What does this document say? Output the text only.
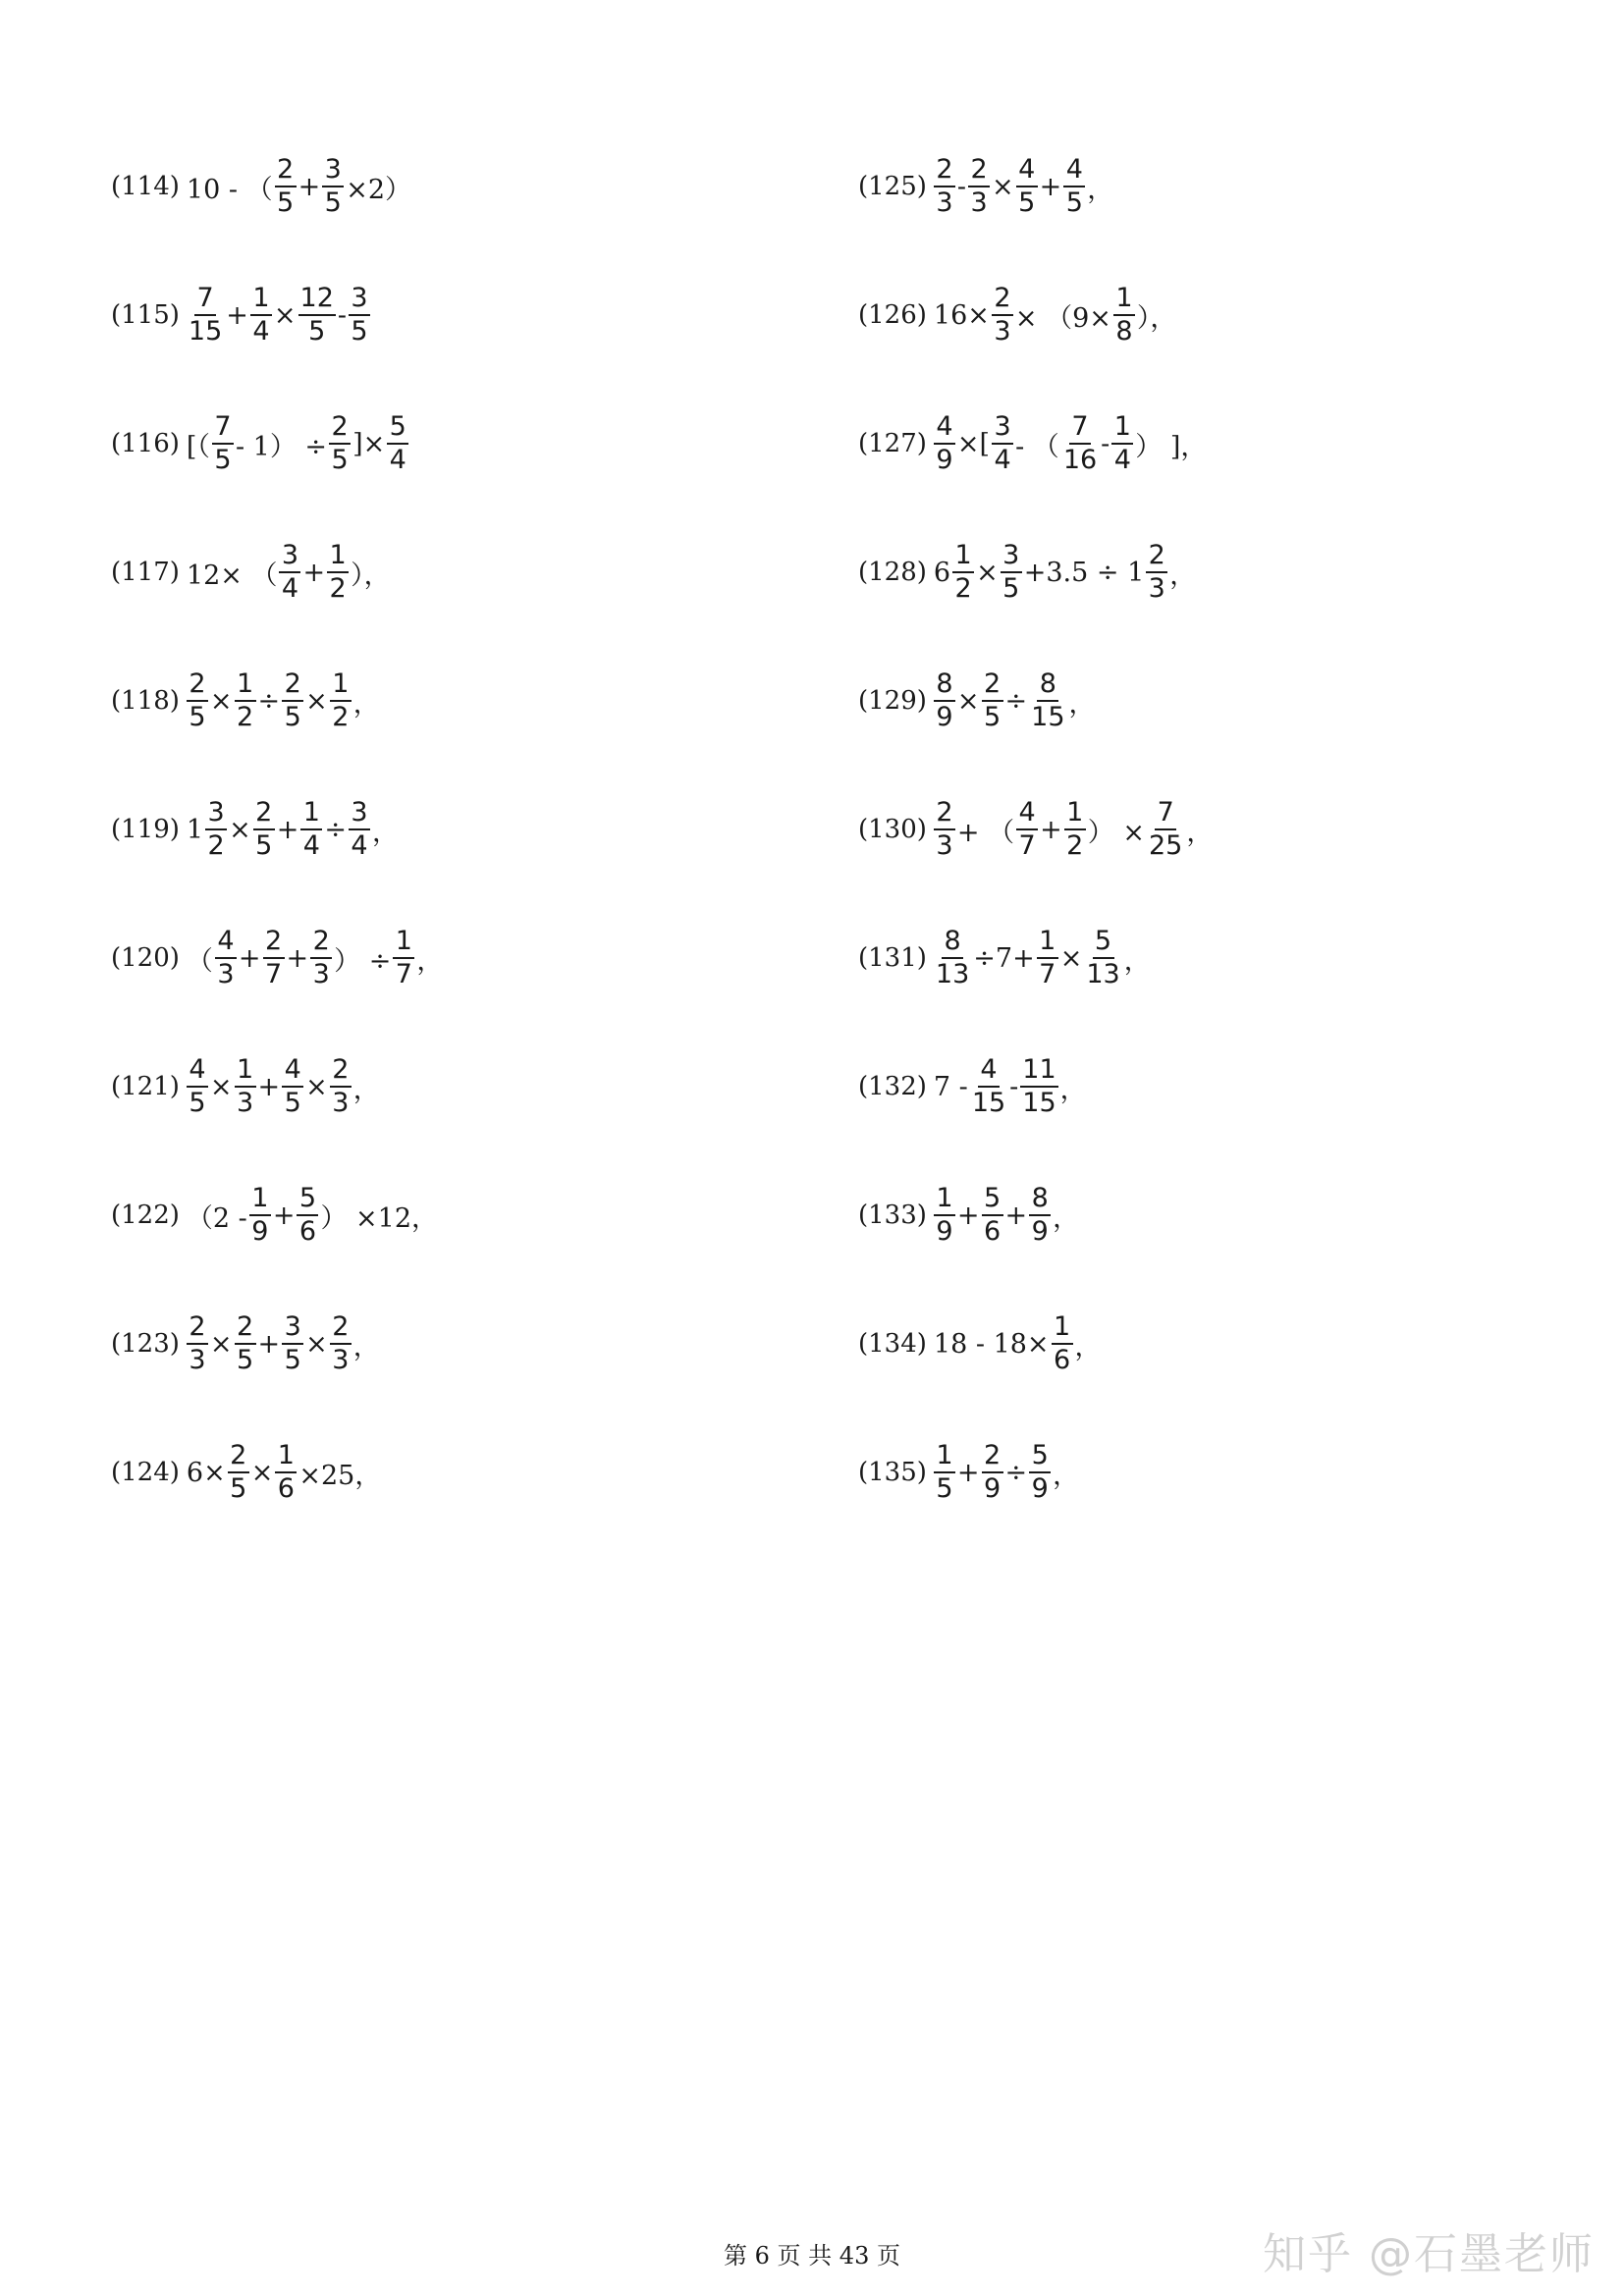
(114) 10 - （ $\frac{2}{5} + \frac{3}{5} \times 2$）
$(115) \frac{7}{15} + \frac{1}{4} \times \frac{12}{5} - \frac{3}{5}$
(116) [（ $\frac{7}{5} - 1) \div \frac{2}{5}$ ]× $\frac{5}{4}$
(117) 12× （ $\frac{3}{4} + \frac{1}{2}$ ），
$(118) \frac{2}{5} \times \frac{1}{2} \div \frac{2}{5} \times \frac{1}{2}$ ，
(119) $1 \frac{3}{2} \times \frac{2}{5} + \frac{1}{4} \div \frac{3}{4}$ ，
(120) （ $\frac{4}{3} + \frac{2}{7} + \frac{2}{3}$ ） ÷ $\frac{1}{7}$ ，
$(121) \frac{4}{5} \times \frac{1}{3} + \frac{4}{5} \times \frac{2}{3}$ ，
(122) （$2 - \frac{1}{9} + \frac{5}{6}$ ） ×12，
$(123) \frac{2}{3} \times \frac{2}{5} + \frac{3}{5} \times \frac{2}{3}$ ，
(124) $6\times \frac{2}{5} \times \frac{1}{6} \times 25$，
$(125) \frac{2}{3} - \frac{2}{3} \times \frac{4}{5} + \frac{4}{5}$ ，
(126) $16\times \frac{2}{3} \times (9\times \frac{1}{8}$ ），
$(127) \frac{4}{9}$ ×[ $\frac{3}{4}$ - （ $\frac{7}{16} - \frac{1}{4}$ ） ]，
(128) $6 \frac{1}{2} \times \frac{3}{5} +3.5 \div 1 \frac{2}{3}$ ，
$(129) \frac{8}{9} \times \frac{2}{5} \div \frac{8}{15}$ ，
$(130) \frac{2}{3}$ + （ $\frac{4}{7} + \frac{1}{2}$ ） × $\frac{7}{25}$ ，
$(131) \frac{8}{13} \div 7+ \frac{1}{7} \times \frac{5}{13}$ ，
(132) $7 - \frac{4}{15} - \frac{11}{15}$ ，
$(133) \frac{1}{9} + \frac{5}{6} + \frac{8}{9}$ ，
(134) $18 - 18\times \frac{1}{6}$ ，
$(135) \frac{1}{5} + \frac{2}{9} \div \frac{5}{9}$ ，
第 6 页 共 43 页	知乎 @石墨老师
